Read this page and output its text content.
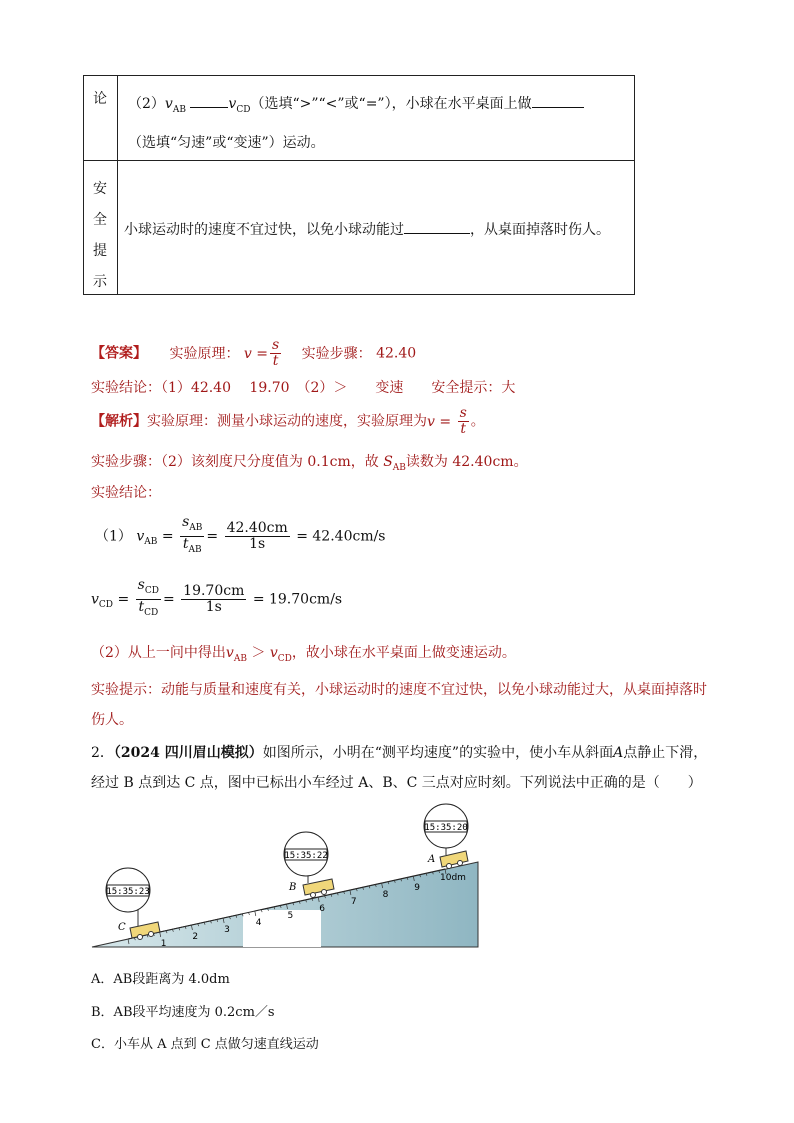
论 $(2)v_{AB}$	$v_{CD}$（选填“>”“<”或“=”），小球在水平桌面上做
（选填“匀速”或“变速”）运动。
安
全
提
示
小球运动时的速度不宜过快，以免小球动能过	，从桌面掉落时伤人。
【答案】 实验原理： $v = \frac{s}{t}$ 实验步骤： 42.40
实验结论：（1）42.40　 19.70　（2）＞　　变速　　安全提示：大
【解析】实验原理：测量小球运动的速度，实验原理为$v = \frac{s}{t}$ 。
实验步骤：（2）该刻度尺分度值为 0.1cm，故 $S_{AB}$读数为 42.40cm。
实验结论：
（1） $v_{AB} = \frac{s_{AB}}{t_{AB}} = \frac{42.40cm}{1s} = 42.40cm/s$
$v_{CD} = \frac{s_{CD}}{t_{CD}} = \frac{19.70cm}{1s} = 19.70cm/s$
（2）从上一问中得出$v_{AB} > v_{CD}$，故小球在水平桌面上做变速运动。
实验提示：动能与质量和速度有关，小球运动时的速度不宜过快，以免小球动能过大，从桌面掉落时
伤人。
2．（2024 四川眉山模拟）如图所示，小明在“测平均速度”的实验中，使小车从斜面A点静止下滑，
经过 B 点到达 C 点，图中已标出小车经过 A、B、C 三点对应时刻。下列说法中正确的是（　　）
1
2
3
4
5
6
7
8
9
C
B
A
10dm
15:35:23
15:35:22
15:35:20
A．AB段距离为 4.0dm
B．AB段平均速度为 0.2cm／s
C．小车从 A 点到 C 点做匀速直线运动
